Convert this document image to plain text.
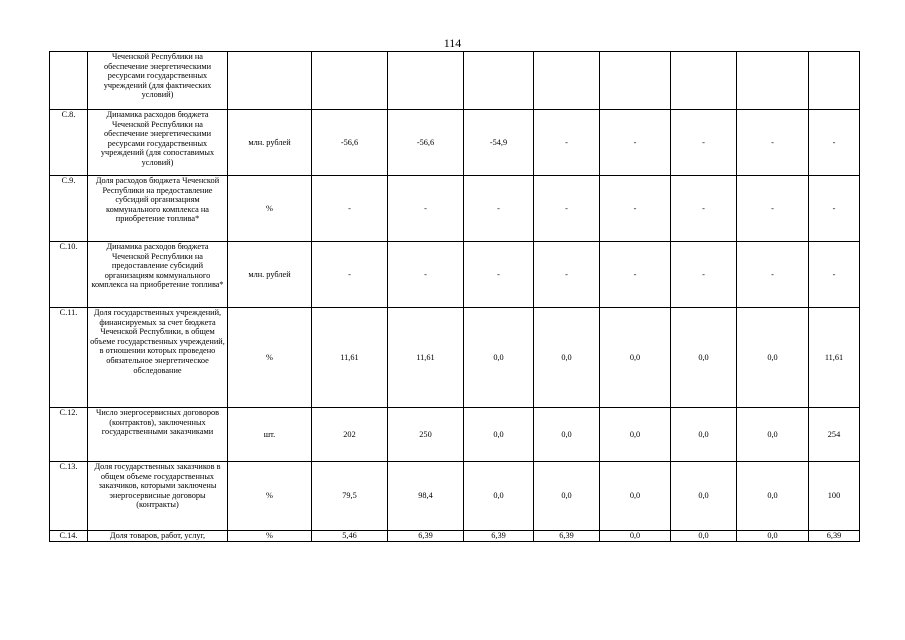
114
	Чеченской Республики на обеспечение энергетическими ресурсами государственных учреждений (для фактических условий)									
С.8.	Динамика расходов бюджета Чеченской Республики на обеспечение энергетическими ресурсами государственных учреждений (для сопоставимых условий)	млн. рублей	-56,6	-56,6	-54,9	-	-	-	-	-
С.9.	Доля расходов бюджета Чеченской Республики на предоставление субсидий организациям коммунального комплекса на приобретение топлива*	%	-	-	-	-	-	-	-	-
С.10.	Динамика расходов бюджета Чеченской Республики на предоставление субсидий организациям коммунального комплекса на приобретение топлива*	млн. рублей	-	-	-	-	-	-	-	-
С.11.	Доля государственных учреждений, финансируемых за счет бюджета Чеченской Республики, в общем объеме государственных учреждений, в отношении которых проведено обязательное энергетическое обследование	%	11,61	11,61	0,0	0,0	0,0	0,0	0,0	11,61
С.12.	Число энергосервисных договоров (контрактов), заключенных государственными заказчиками	шт.	202	250	0,0	0,0	0,0	0,0	0,0	254
С.13.	Доля государственных заказчиков в общем объеме государственных заказчиков, которыми заключены энергосервисные договоры (контракты)	%	79,5	98,4	0,0	0,0	0,0	0,0	0,0	100
С.14.	Доля товаров, работ, услуг,	%	5,46	6,39	6,39	6,39	0,0	0,0	0,0	6,39
